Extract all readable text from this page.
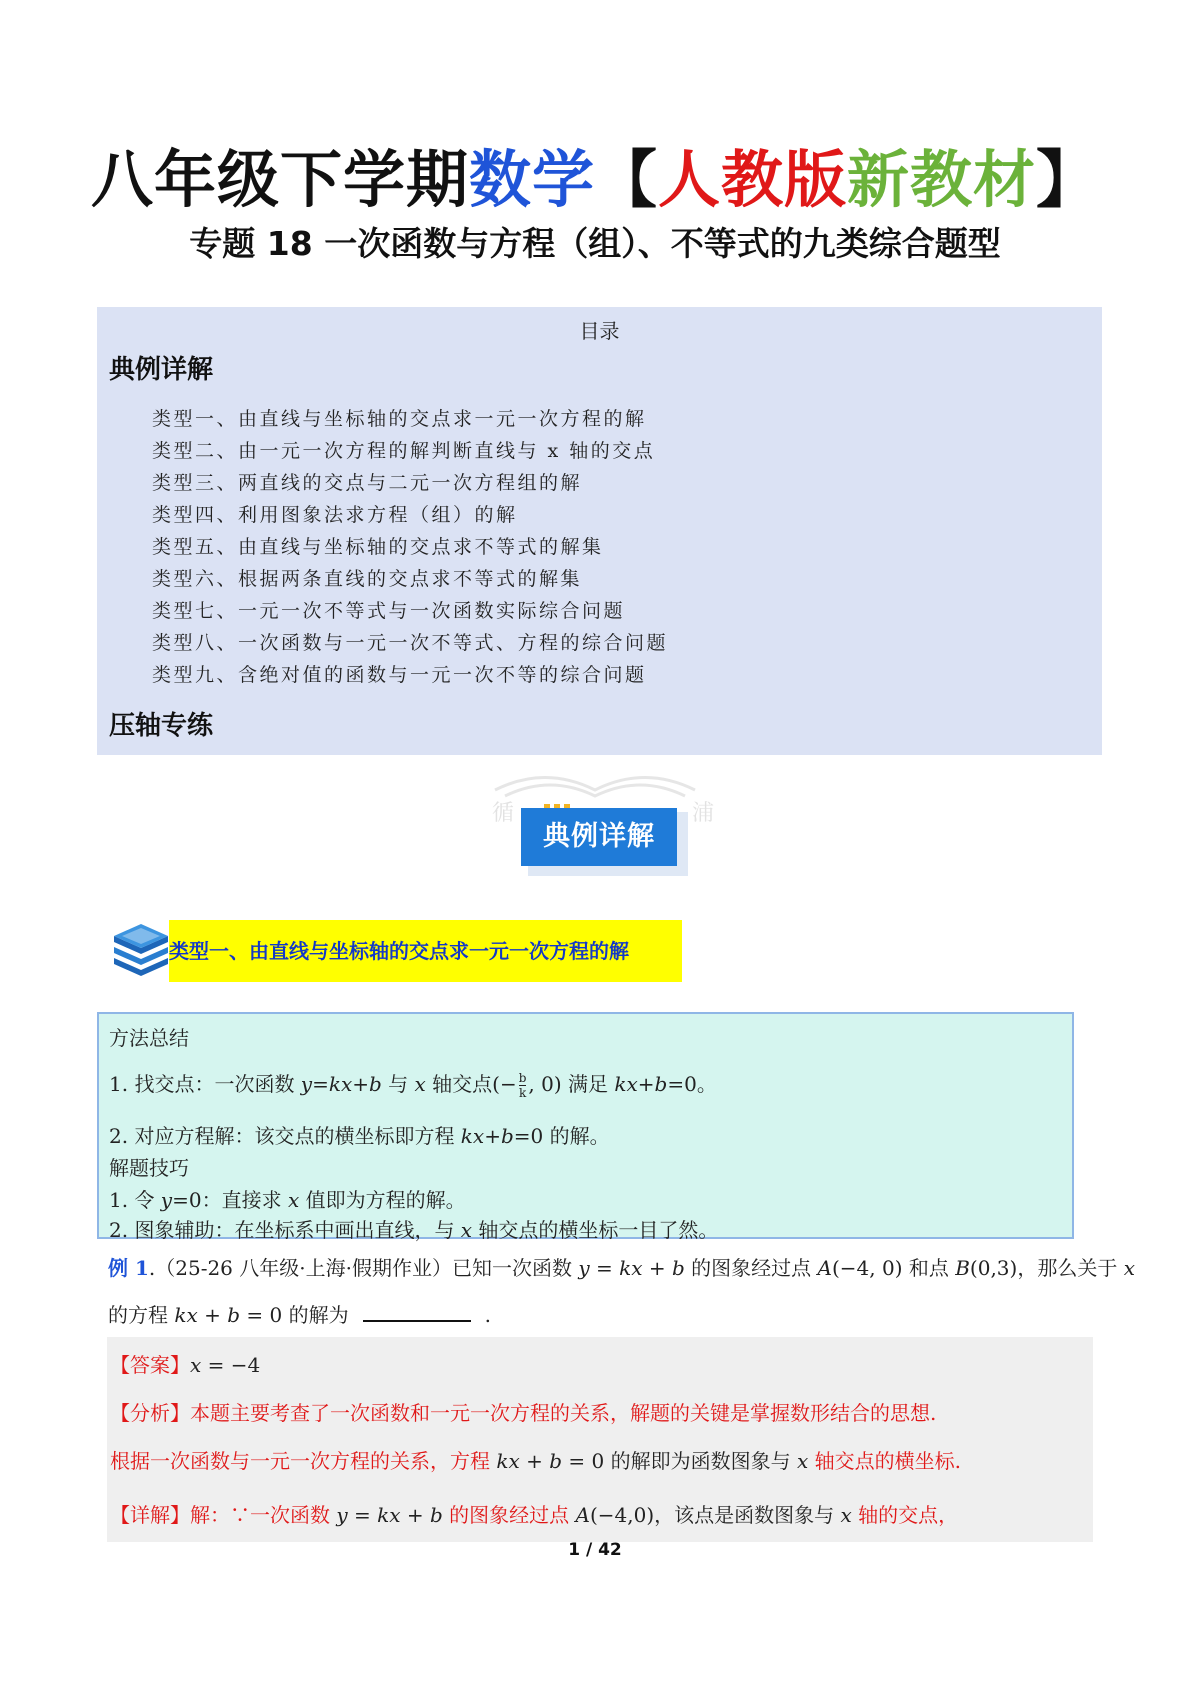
八年级下学期数学【人教版新教材】
专题 18 一次函数与方程（组）、不等式的九类综合题型
目录
典例详解
类型一、由直线与坐标轴的交点求一元一次方程的解
类型二、由一元一次方程的解判断直线与 x 轴的交点
类型三、两直线的交点与二元一次方程组的解
类型四、利用图象法求方程（组）的解
类型五、由直线与坐标轴的交点求不等式的解集
类型六、根据两条直线的交点求不等式的解集
类型七、一元一次不等式与一次函数实际综合问题
类型八、一次函数与一元一次不等式、方程的综合问题
类型九、含绝对值的函数与一元一次不等的综合问题
压轴专练
循	浦
典例详解
类型一、由直线与坐标轴的交点求一元一次方程的解
方法总结
1. 找交点：一次函数 y=kx+b 与 x 轴交点(− $\frac{b}{k}$ , 0) 满足 kx+b=0。
2. 对应方程解：该交点的横坐标即方程 kx+b=0 的解。
解题技巧
1. 令 y=0：直接求 x 值即为方程的解。
2. 图象辅助：在坐标系中画出直线，与 x 轴交点的横坐标一目了然。
例 1.（25-26 八年级·上海·假期作业）已知一次函数 y = kx + b 的图象经过点 A(−4, 0) 和点 B(0,3)，那么关于 x
的方程 kx + b = 0 的解为	.
【答案】x = −4
【分析】本题主要考查了一次函数和一元一次方程的关系，解题的关键是掌握数形结合的思想.
根据一次函数与一元一次方程的关系，方程 kx + b = 0 的解即为函数图象与 x 轴交点的横坐标.
【详解】解：∵一次函数 y = kx + b 的图象经过点 A(−4,0)，该点是函数图象与 x 轴的交点，
1 / 42
